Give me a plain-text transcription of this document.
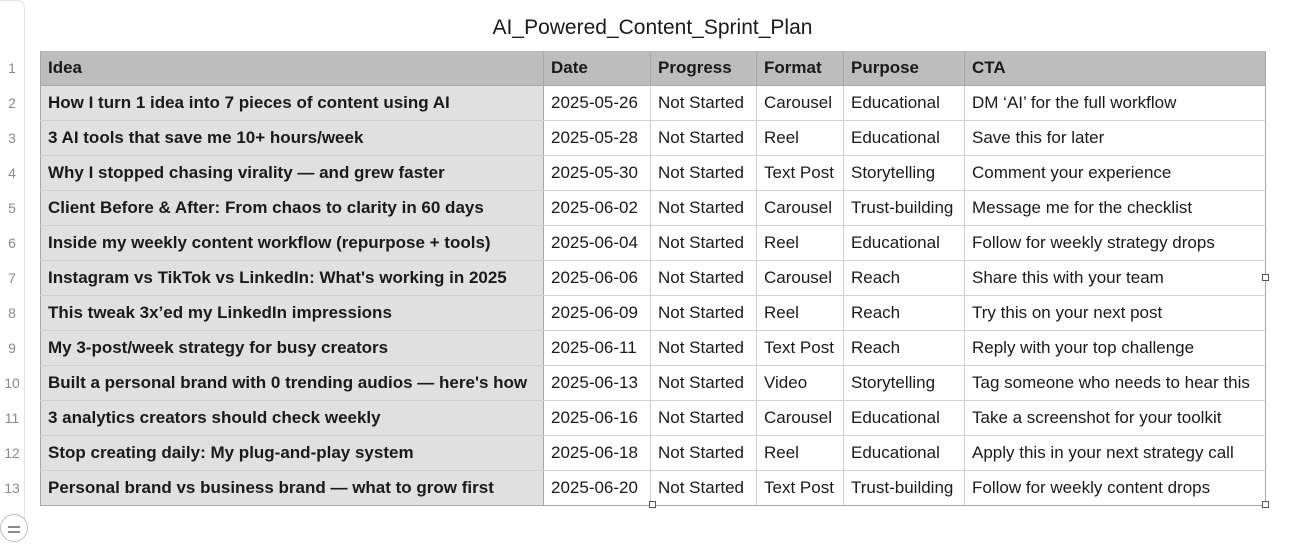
1
2
3
4
5
6
7
8
9
10
11
12
13
AI_Powered_Content_Sprint_Plan
Idea	Date	Progress	Format	Purpose	CTA
How I turn 1 idea into 7 pieces of content using AI	2025-05-26	Not Started	Carousel	Educational	DM ‘AI’ for the full workflow
3 AI tools that save me 10+ hours/week	2025-05-28	Not Started	Reel	Educational	Save this for later
Why I stopped chasing virality — and grew faster	2025-05-30	Not Started	Text Post	Storytelling	Comment your experience
Client Before & After: From chaos to clarity in 60 days	2025-06-02	Not Started	Carousel	Trust-building	Message me for the checklist
Inside my weekly content workflow (repurpose + tools)	2025-06-04	Not Started	Reel	Educational	Follow for weekly strategy drops
Instagram vs TikTok vs LinkedIn: What's working in 2025	2025-06-06	Not Started	Carousel	Reach	Share this with your team
This tweak 3x’ed my LinkedIn impressions	2025-06-09	Not Started	Reel	Reach	Try this on your next post
My 3-post/week strategy for busy creators	2025-06-11	Not Started	Text Post	Reach	Reply with your top challenge
Built a personal brand with 0 trending audios — here's how	2025-06-13	Not Started	Video	Storytelling	Tag someone who needs to hear this
3 analytics creators should check weekly	2025-06-16	Not Started	Carousel	Educational	Take a screenshot for your toolkit
Stop creating daily: My plug-and-play system	2025-06-18	Not Started	Reel	Educational	Apply this in your next strategy call
Personal brand vs business brand — what to grow first	2025-06-20	Not Started	Text Post	Trust-building	Follow for weekly content drops
